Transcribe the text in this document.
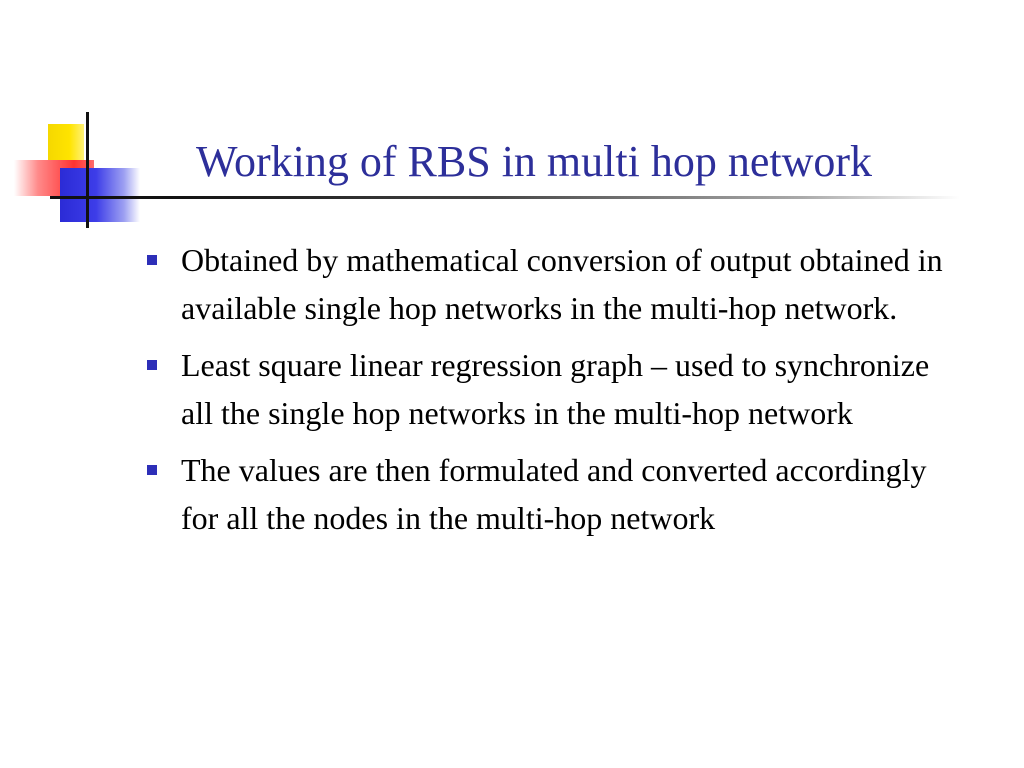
Working of RBS in multi hop network
Obtained by mathematical conversion of output obtained in available single hop networks in the multi-hop network.
Least square linear regression graph – used to synchronize all the single hop networks in the multi-hop network
The values are then formulated and converted accordingly for all the nodes in the multi-hop network
